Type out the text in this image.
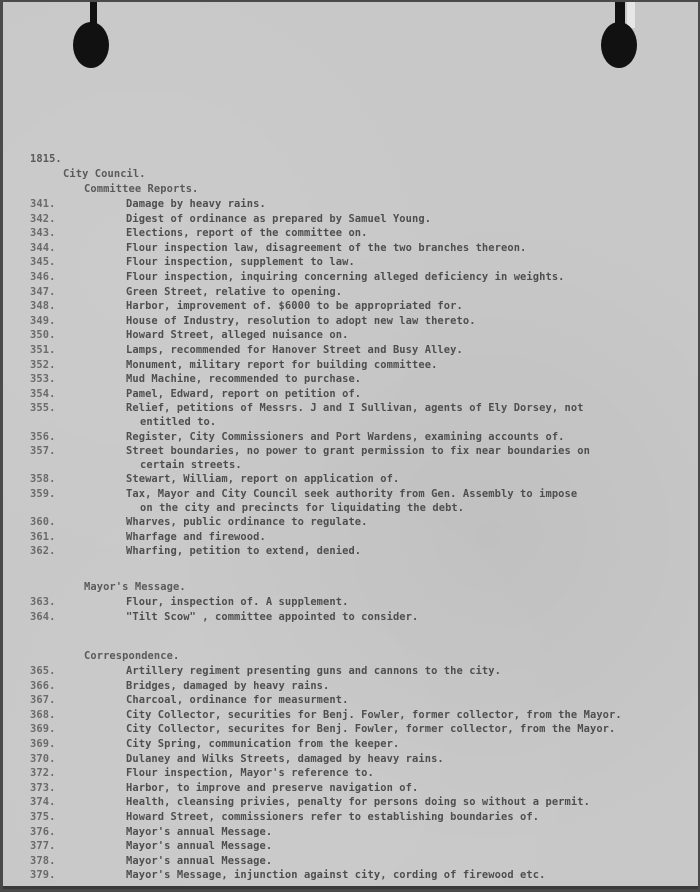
1815.
City Council.
Committee Reports.
341.	Damage by heavy rains.
342.	Digest of ordinance as prepared by Samuel Young.
343.	Elections, report of the committee on.
344.	Flour inspection law, disagreement of the two branches thereon.
345.	Flour inspection, supplement to law.
346.	Flour inspection, inquiring concerning alleged deficiency in weights.
347.	Green Street, relative to opening.
348.	Harbor, improvement of. $6000 to be appropriated for.
349.	House of Industry, resolution to adopt new law thereto.
350.	Howard Street, alleged nuisance on.
351.	Lamps, recommended for Hanover Street and Busy Alley.
352.	Monument, military report for building committee.
353.	Mud Machine, recommended to purchase.
354.	Pamel, Edward, report on petition of.
355.	Relief, petitions of Messrs. J and I Sullivan, agents of Ely Dorsey, not
entitled to.
356.	Register, City Commissioners and Port Wardens, examining accounts of.
357.	Street boundaries, no power to grant permission to fix near boundaries on
certain streets.
358.	Stewart, William, report on application of.
359.	Tax, Mayor and City Council seek authority from Gen. Assembly to impose
on the city and precincts for liquidating the debt.
360.	Wharves, public ordinance to regulate.
361.	Wharfage and firewood.
362.	Wharfing, petition to extend, denied.
Mayor's Message.
363.	Flour, inspection of. A supplement.
364.	"Tilt Scow" , committee appointed to consider.
Correspondence.
365.	Artillery regiment presenting guns and cannons to the city.
366.	Bridges, damaged by heavy rains.
367.	Charcoal, ordinance for measurment.
368.	City Collector, securities for Benj. Fowler, former collector, from the Mayor.
369.	City Collector, securites for Benj. Fowler, former collector, from the Mayor.
369.	City Spring, communication from the keeper.
370.	Dulaney and Wilks Streets, damaged by heavy rains.
372.	Flour inspection, Mayor's reference to.
373.	Harbor, to improve and preserve navigation of.
374.	Health, cleansing privies, penalty for persons doing so without a permit.
375.	Howard Street, commissioners refer to establishing boundaries of.
376.	Mayor's annual Message.
377.	Mayor's annual Message.
378.	Mayor's annual Message.
379.	Mayor's Message, injunction against city, cording of firewood etc.
